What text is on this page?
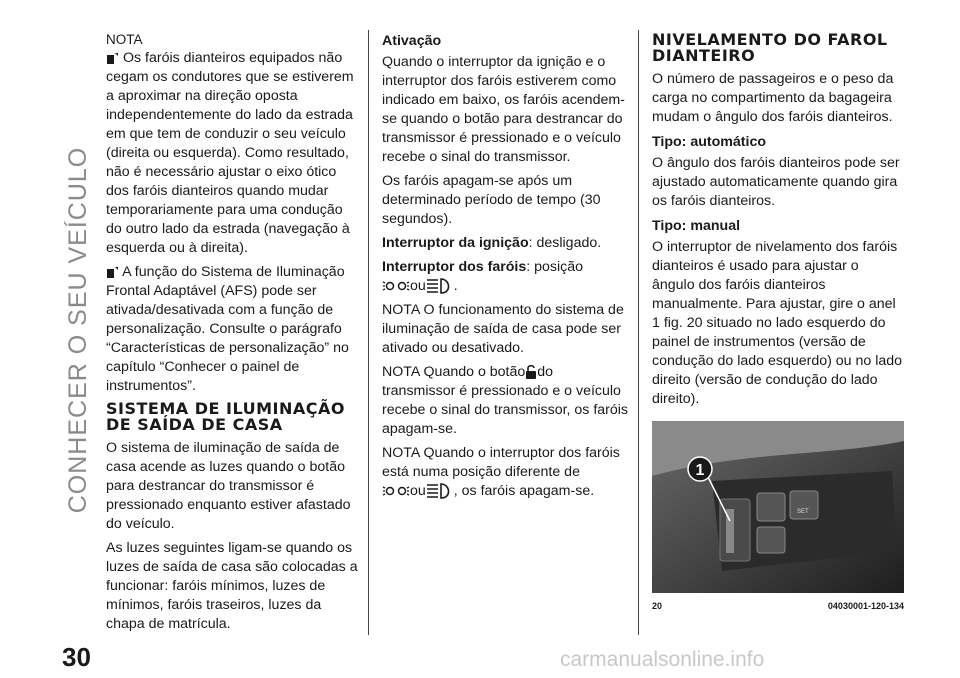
CONHECER O SEU VEÍCULO

NOTA

Os faróis dianteiros equipados não cegam os condutores que se estiverem a aproximar na direção oposta independentemente do lado da estrada em que tem de conduzir o seu veículo (direita ou esquerda). Como resultado, não é necessário ajustar o eixo ótico dos faróis dianteiros quando mudar temporariamente para uma condução do outro lado da estrada (navegação à esquerda ou à direita).

A função do Sistema de Iluminação Frontal Adaptável (AFS) pode ser ativada/desativada com a função de personalização. Consulte o parágrafo “Características de personalização” no capítulo “Conhecer o painel de instrumentos”.

SISTEMA DE ILUMINAÇÃO DE SAÍDA DE CASA

O sistema de iluminação de saída de casa acende as luzes quando o botão para destrancar do transmissor é pressionado enquanto estiver afastado do veículo.

As luzes seguintes ligam-se quando os luzes de saída de casa são colocadas a funcionar: faróis mínimos, luzes de mínimos, faróis traseiros, luzes da chapa de matrícula.

Ativação

Quando o interruptor da ignição e o interruptor dos faróis estiverem como indicado em baixo, os faróis acendem-se quando o botão para destrancar do transmissor é pressionado e o veículo recebe o sinal do transmissor.

Os faróis apagam-se após um determinado período de tempo (30 segundos).

Interruptor da ignição: desligado.

Interruptor dos faróis: posição
ou .

NOTA O funcionamento do sistema de iluminação de saída de casa pode ser ativado ou desativado.

NOTA Quando o botão do transmissor é pressionado e o veículo recebe o sinal do transmissor, os faróis apagam-se.

NOTA Quando o interruptor dos faróis está numa posição diferente de
ou , os faróis apagam-se.

NIVELAMENTO DO FAROL DIANTEIRO

O número de passageiros e o peso da carga no compartimento da bagageira mudam o ângulo dos faróis dianteiros.

Tipo: automático

O ângulo dos faróis dianteiros pode ser ajustado automaticamente quando gira os faróis dianteiros.

Tipo: manual

O interruptor de nivelamento dos faróis dianteiros é usado para ajustar o ângulo dos faróis dianteiros manualmente. Para ajustar, gire o anel 1 fig. 20 situado no lado esquerdo do painel de instrumentos (versão de condução do lado esquerdo) ou no lado direito (versão de condução do lado direito).

SET
1
20	04030001-120-134
30	carmanualsonline.info
